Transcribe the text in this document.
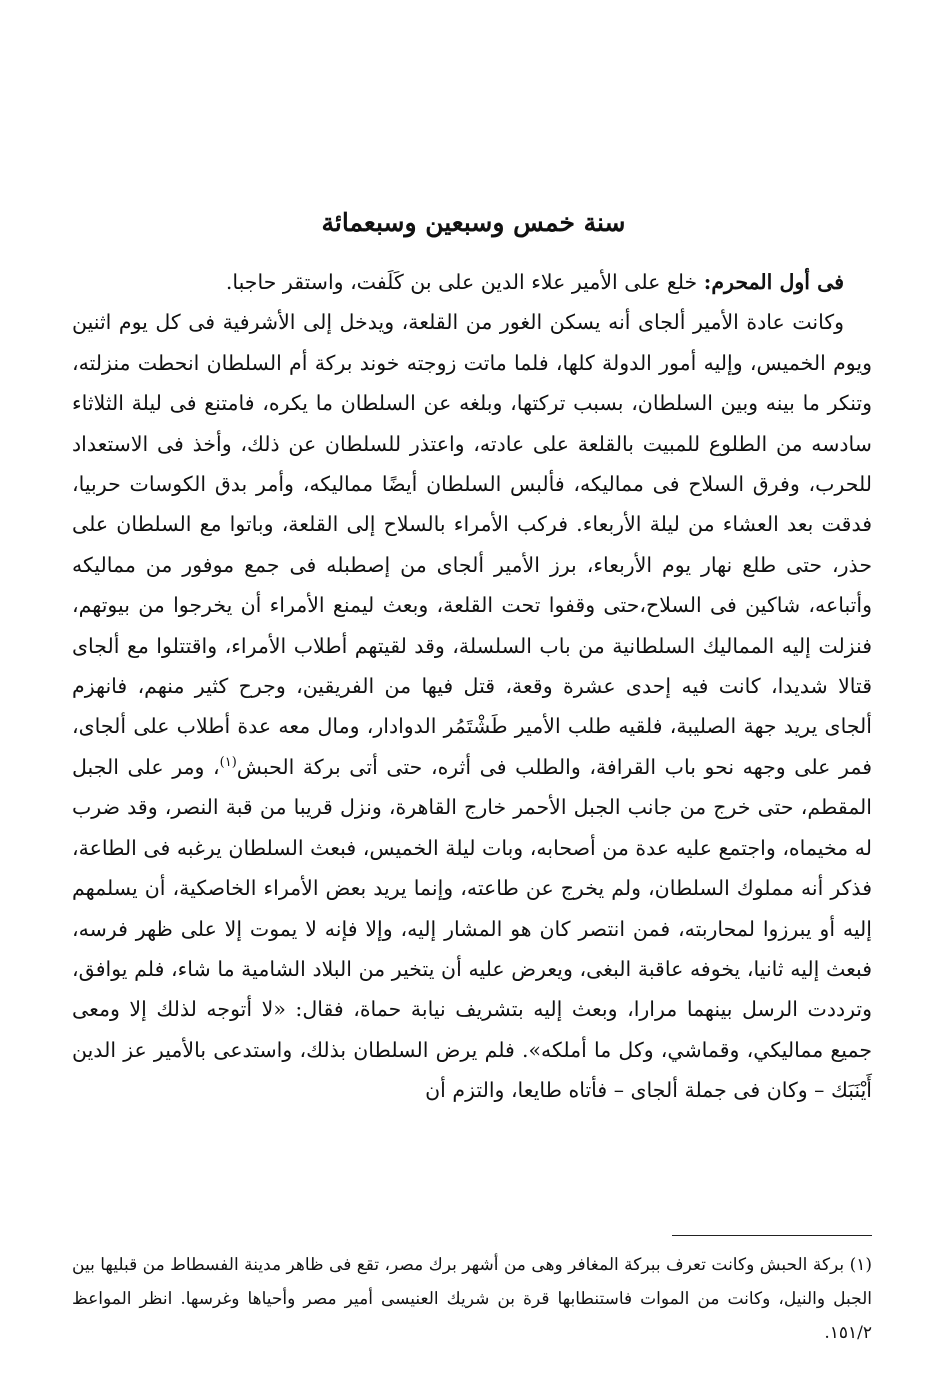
سنة خمس وسبعين وسبعمائة

فى أول المحرم: خلع على الأمير علاء الدين على بن كَلَفت، واستقر حاجبا.

وكانت عادة الأمير ألجاى أنه يسكن الغور من القلعة، ويدخل إلى الأشرفية فى كل يوم اثنين ويوم الخميس، وإليه أمور الدولة كلها، فلما ماتت زوجته خوند بركة أم السلطان انحطت منزلته، وتنكر ما بينه وبين السلطان، بسبب تركتها، وبلغه عن السلطان ما يكره، فامتنع فى ليلة الثلاثاء سادسه من الطلوع للمبيت بالقلعة على عادته، واعتذر للسلطان عن ذلك، وأخذ فى الاستعداد للحرب، وفرق السلاح فى مماليكه، فألبس السلطان أيضًا مماليكه، وأمر بدق الكوسات حربيا، فدقت بعد العشاء من ليلة الأربعاء. فركب الأمراء بالسلاح إلى القلعة، وباتوا مع السلطان على حذر، حتى طلع نهار يوم الأربعاء، برز الأمير ألجاى من إصطبله فى جمع موفور من مماليكه وأتباعه، شاكين فى السلاح،حتى وقفوا تحت القلعة، وبعث ليمنع الأمراء أن يخرجوا من بيوتهم، فنزلت إليه المماليك السلطانية من باب السلسلة، وقد لقيتهم أطلاب الأمراء، واقتتلوا مع ألجاى قتالا شديدا، كانت فيه إحدى عشرة وقعة، قتل فيها من الفريقين، وجرح كثير منهم، فانهزم ألجاى يريد جهة الصليبة، فلقيه طلب الأمير طَشْتَمُر الدوادار، ومال معه عدة أطلاب على ألجاى، فمر على وجهه نحو باب القرافة، والطلب فى أثره، حتى أتى بركة الحبش$^{(١)}$، ومر على الجبل المقطم، حتى خرج من جانب الجبل الأحمر خارج القاهرة، ونزل قريبا من قبة النصر، وقد ضرب له مخيماه، واجتمع عليه عدة من أصحابه، وبات ليلة الخميس، فبعث السلطان يرغبه فى الطاعة، فذكر أنه مملوك السلطان، ولم يخرج عن طاعته، وإنما يريد بعض الأمراء الخاصكية، أن يسلمهم إليه أو يبرزوا لمحاربته، فمن انتصر كان هو المشار إليه، وإلا فإنه لا يموت إلا على ظهر فرسه، فبعث إليه ثانيا، يخوفه عاقبة البغى، ويعرض عليه أن يتخير من البلاد الشامية ما شاء، فلم يوافق، وترددت الرسل بينهما مرارا، وبعث إليه بتشريف نيابة حماة، فقال: «لا أتوجه لذلك إلا ومعى جميع مماليكي، وقماشي، وكل ما أملكه». فلم يرض السلطان بذلك، واستدعى بالأمير عز الدين أَيْنَبَك – وكان فى جملة ألجاى – فأتاه طايعا، والتزم أن

(١) بركة الحبش وكانت تعرف ببركة المغافر وهى من أشهر برك مصر، تقع فى ظاهر مدينة الفسطاط من قبليها بين الجبل والنيل، وكانت من الموات فاستنطابها قرة بن شريك العنيسى أمير مصر وأحياها وغرسها. انظر المواعظ ٢/‏١٥١.
